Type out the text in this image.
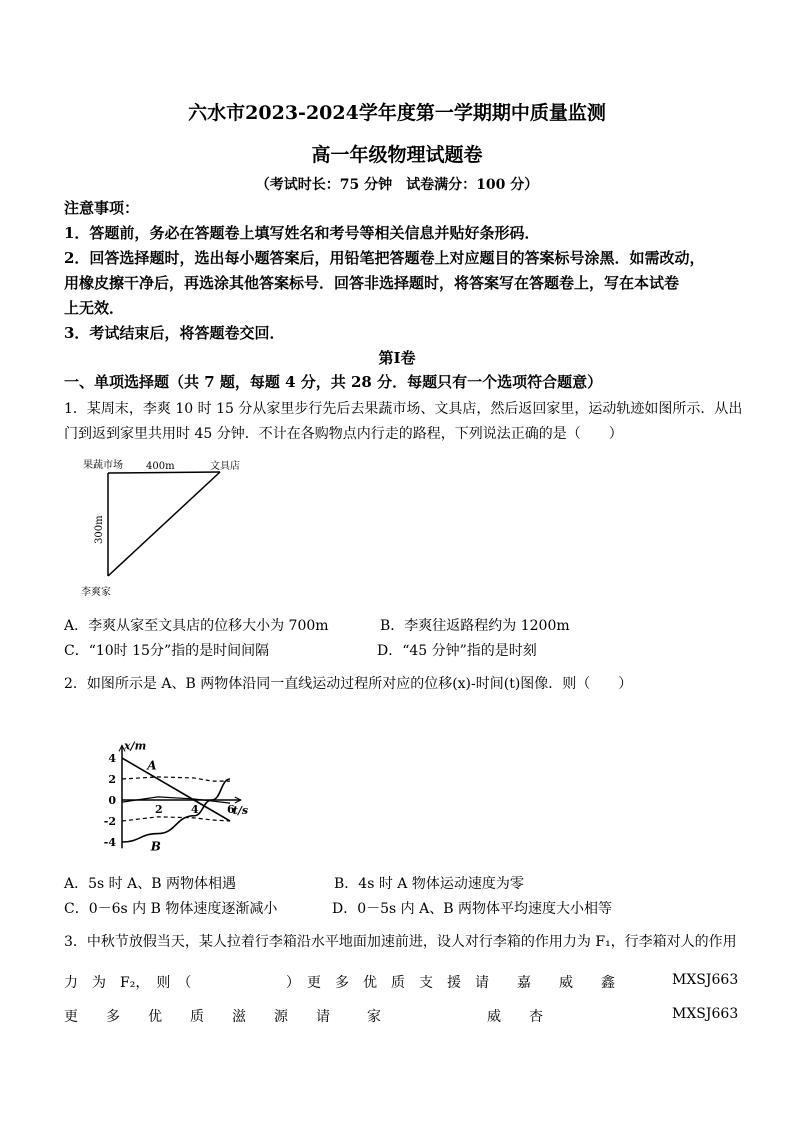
六水市2023-2024学年度第一学期期中质量监测
高一年级物理试题卷
（考试时长：75 分钟　试卷满分：100 分）
注意事项：
1．答题前，务必在答题卷上填写姓名和考号等相关信息并贴好条形码．
2．回答选择题时，选出每小题答案后，用铅笔把答题卷上对应题目的答案标号涂黑．如需改动，
用橡皮擦干净后，再选涂其他答案标号．回答非选择题时，将答案写在答题卷上，写在本试卷
上无效．
3．考试结束后，将答题卷交回．
第Ⅰ卷
一、单项选择题（共 7 题，每题 4 分，共 28 分．每题只有一个选项符合题意）
1．某周末，李爽 10 时 15 分从家里步行先后去果蔬市场、文具店，然后返回家里，运动轨迹如图所示．从出
门到返到家里共用时 45 分钟．不计在各购物点内行走的路程，下列说法正确的是（　　）
果蔬市场 400m	文具店
300m
李爽家
A．李爽从家至文具店的位移大小为 700m	B．李爽往返路程约为 1200m
C．“10时 15分”指的是时间间隔	D．“45 分钟”指的是时刻
2．如图所示是 A、B 两物体沿同一直线运动过程所对应的位移(x)-时间(t)图像．则（　　）
x/m
t/s
4
2
0
-2
-4
2	4	6
A
B
A．5s 时 A、B 两物体相遇	B．4s 时 A 物体运动速度为零
C．0－6s 内 B 物体速度逐渐减小	D．0－5s 内 A、B 两物体平均速度大小相等
3．中秋节放假当天，某人拉着行李箱沿水平地面加速前进，设人对行李箱的作用力为 F₁，行李箱对人的作用
力　为　F₂，　则　（	）　更　多　优　质　支　援　请　　嘉　　威　　鑫	MXSJ663
更　　多　　优　　质　　滋　　源　　请	家	威　　杏	MXSJ663
